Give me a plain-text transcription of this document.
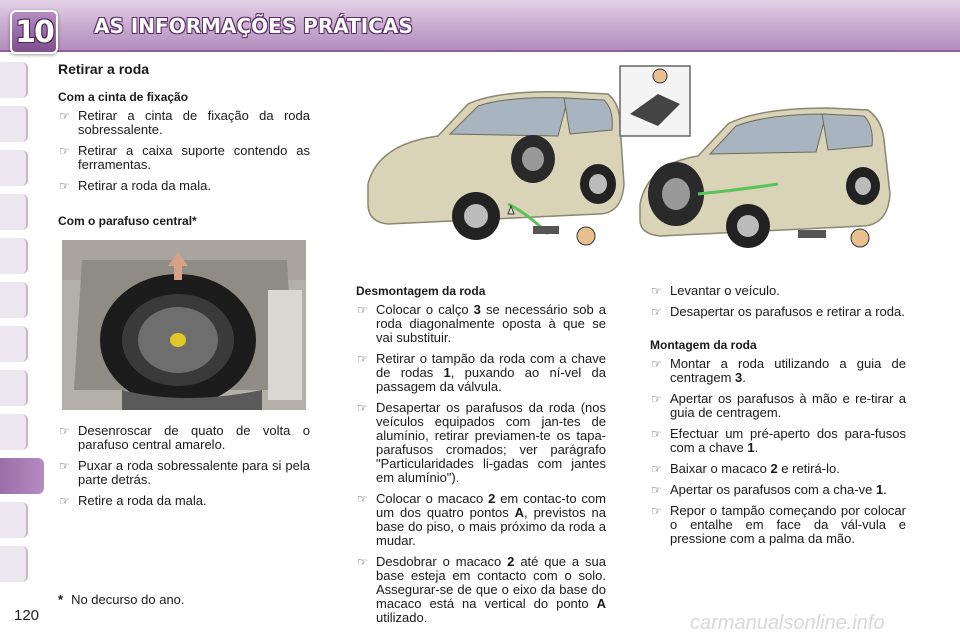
10 AS INFORMAÇÕES PRÁTICAS
120
Retirar a roda
Com a cinta de fixação
☞ Retirar a cinta de fixação da roda sobressalente.
☞ Retirar a caixa suporte contendo as ferramentas.
☞ Retirar a roda da mala.
Com o parafuso central*
☞ Desenroscar de quato de volta o parafuso central amarelo.
☞ Puxar a roda sobressalente para si pela parte detrás.
☞ Retire a roda da mala.
Desmontagem da roda
☞ Colocar o calço 3 se necessário sob a roda diagonalmente oposta à que se vai substituir.
☞ Retirar o tampão da roda com a chave de rodas 1, puxando ao ní-vel da passagem da válvula.
☞ Desapertar os parafusos da roda (nos veículos equipados com jan-tes de alumínio, retirar previamen-te os tapa-parafusos cromados; ver parágrafo "Particularidades li-gadas com jantes em alumínio").
☞ Colocar o macaco 2 em contac-to com um dos quatro pontos A, previstos na base do piso, o mais próximo da roda a mudar.
☞ Desdobrar o macaco 2 até que a sua base esteja em contacto com o solo. Assegurar-se de que o eixo da base do macaco está na vertical do ponto A utilizado.
☞ Levantar o veículo.
☞ Desapertar os parafusos e retirar a roda.
Montagem da roda
☞ Montar a roda utilizando a guia de centragem 3.
☞ Apertar os parafusos à mão e re-tirar a guia de centragem.
☞ Efectuar um pré-aperto dos para-fusos com a chave 1.
☞ Baixar o macaco 2 e retirá-lo.
☞ Apertar os parafusos com a cha-ve 1.
☞ Repor o tampão começando por colocar o entalhe em face da vál-vula e pressione com a palma da mão.
* No decurso do ano.
carmanualsonline.info
